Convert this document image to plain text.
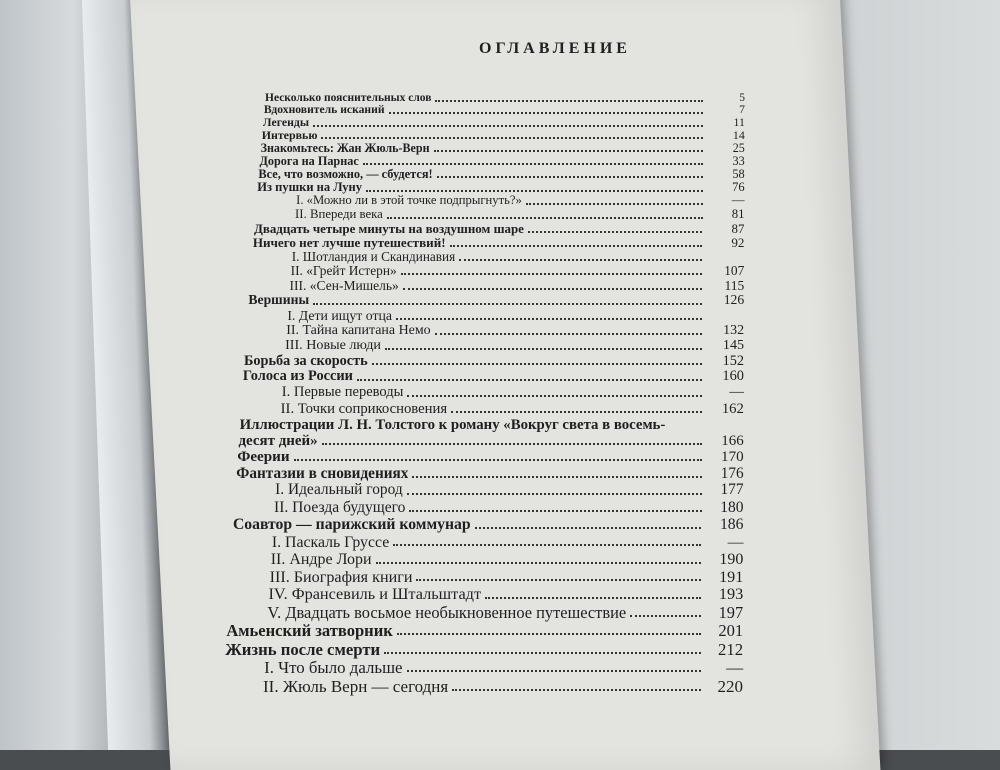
ОГЛАВЛЕНИЕ
Несколько пояснительных слов	5
Вдохновитель исканий	7
Легенды	11
Интервью	14
Знакомьтесь: Жан Жюль-Верн	25
Дорога на Парнас	33
Все, что возможно, — сбудется!	58
Из пушки на Луну	76
I. «Можно ли в этой точке подпрыгнуть?»	—
II. Впереди века	81
Двадцать четыре минуты на воздушном шаре	87
Ничего нет лучше путешествий!	92
I. Шотландия и Скандинавия
II. «Грейт Истерн»	107
III. «Сен-Мишель»	115
Вершины	126
I. Дети ищут отца
II. Тайна капитана Немо	132
III. Новые люди	145
Борьба за скорость	152
Голоса из России	160
I. Первые переводы	—
II. Точки соприкосновения	162
Иллюстрации Л. Н. Толстого к роману «Вокруг света в восемь-
десят дней»	166
Феерии	170
Фантазии в сновидениях	176
I. Идеальный город	177
II. Поезда будущего	180
Соавтор — парижский коммунар	186
I. Паскаль Груссе	—
II. Андре Лори	190
III. Биография книги	191
IV. Франсевиль и Штальштадт	193
V. Двадцать восьмое необыкновенное путешествие	197
Амьенский затворник	201
Жизнь после смерти	212
I. Что было дальше	—
II. Жюль Верн — сегодня	220
